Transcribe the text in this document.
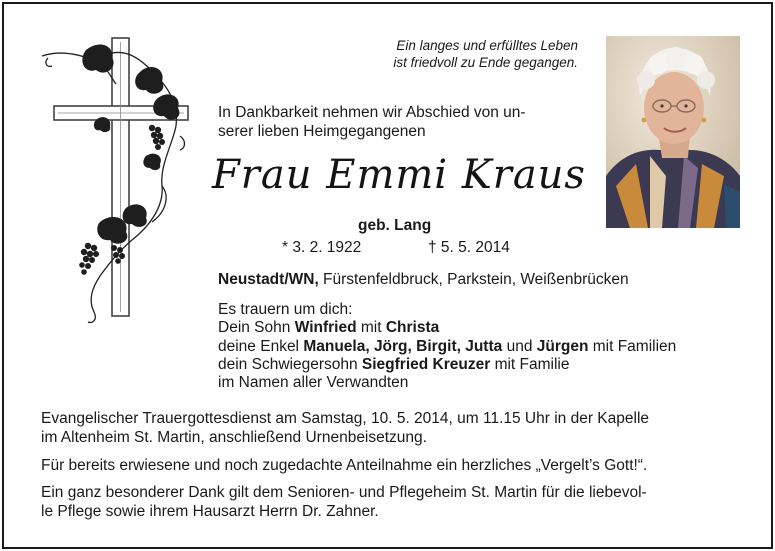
Ein langes und erfülltes Leben
ist friedvoll zu Ende gegangen.
In Dankbarkeit nehmen wir Abschied von un-
serer lieben Heimgegangenen
Frau Emmi Kraus
geb. Lang
* 3. 2. 1922	† 5. 5. 2014
Neustadt/WN, Fürstenfeldbruck, Parkstein, Weißenbrücken
Es trauern um dich:
Dein Sohn Winfried mit Christa
deine Enkel Manuela, Jörg, Birgit, Jutta und Jürgen mit Familien
dein Schwiegersohn Siegfried Kreuzer mit Familie
im Namen aller Verwandten
Evangelischer Trauergottesdienst am Samstag, 10. 5. 2014, um 11.15 Uhr in der Kapelle
im Altenheim St. Martin, anschließend Urnenbeisetzung.
Für bereits erwiesene und noch zugedachte Anteilnahme ein herzliches „Vergelt’s Gott!“.
Ein ganz besonderer Dank gilt dem Senioren- und Pflegeheim St. Martin für die liebevol-
le Pflege sowie ihrem Hausarzt Herrn Dr. Zahner.
